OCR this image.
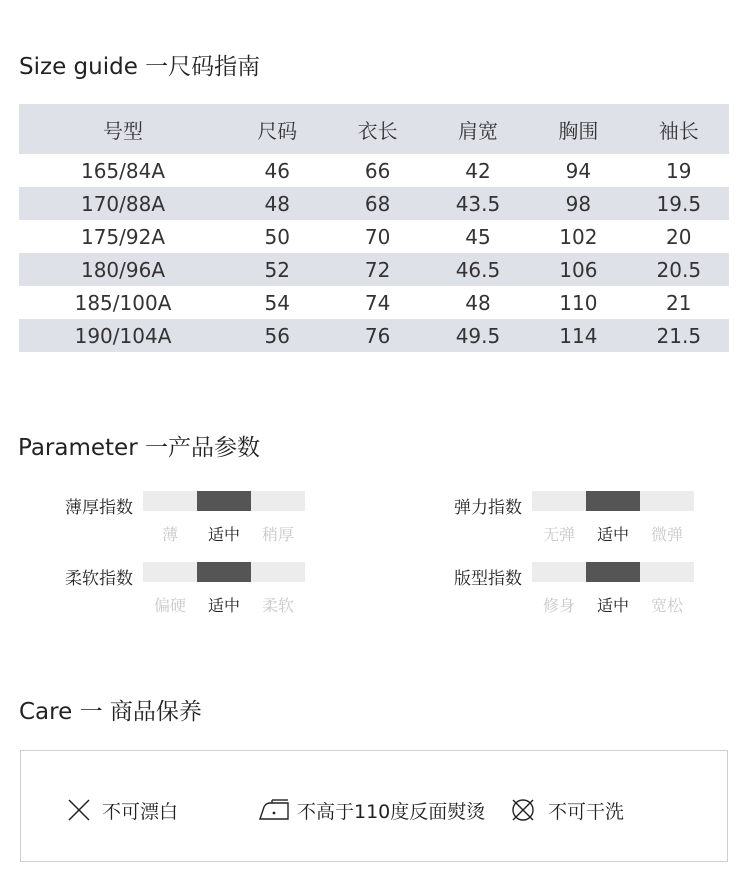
Size guide 一尺码指南
号型	尺码	衣长	肩宽	胸围	袖长
165/84A	46	66	42	94	19
170/88A	48	68	43.5	98	19.5
175/92A	50	70	45	102	20
180/96A	52	72	46.5	106	20.5
185/100A	54	74	48	110	21
190/104A	56	76	49.5	114	21.5
Parameter 一产品参数
薄厚指数
薄	适中	稍厚
弹力指数
无弹	适中	微弹
柔软指数
偏硬	适中	柔软
版型指数
修身	适中	宽松
Care 一 商品保养
不可漂白	不高于110度反面熨烫	不可干洗
